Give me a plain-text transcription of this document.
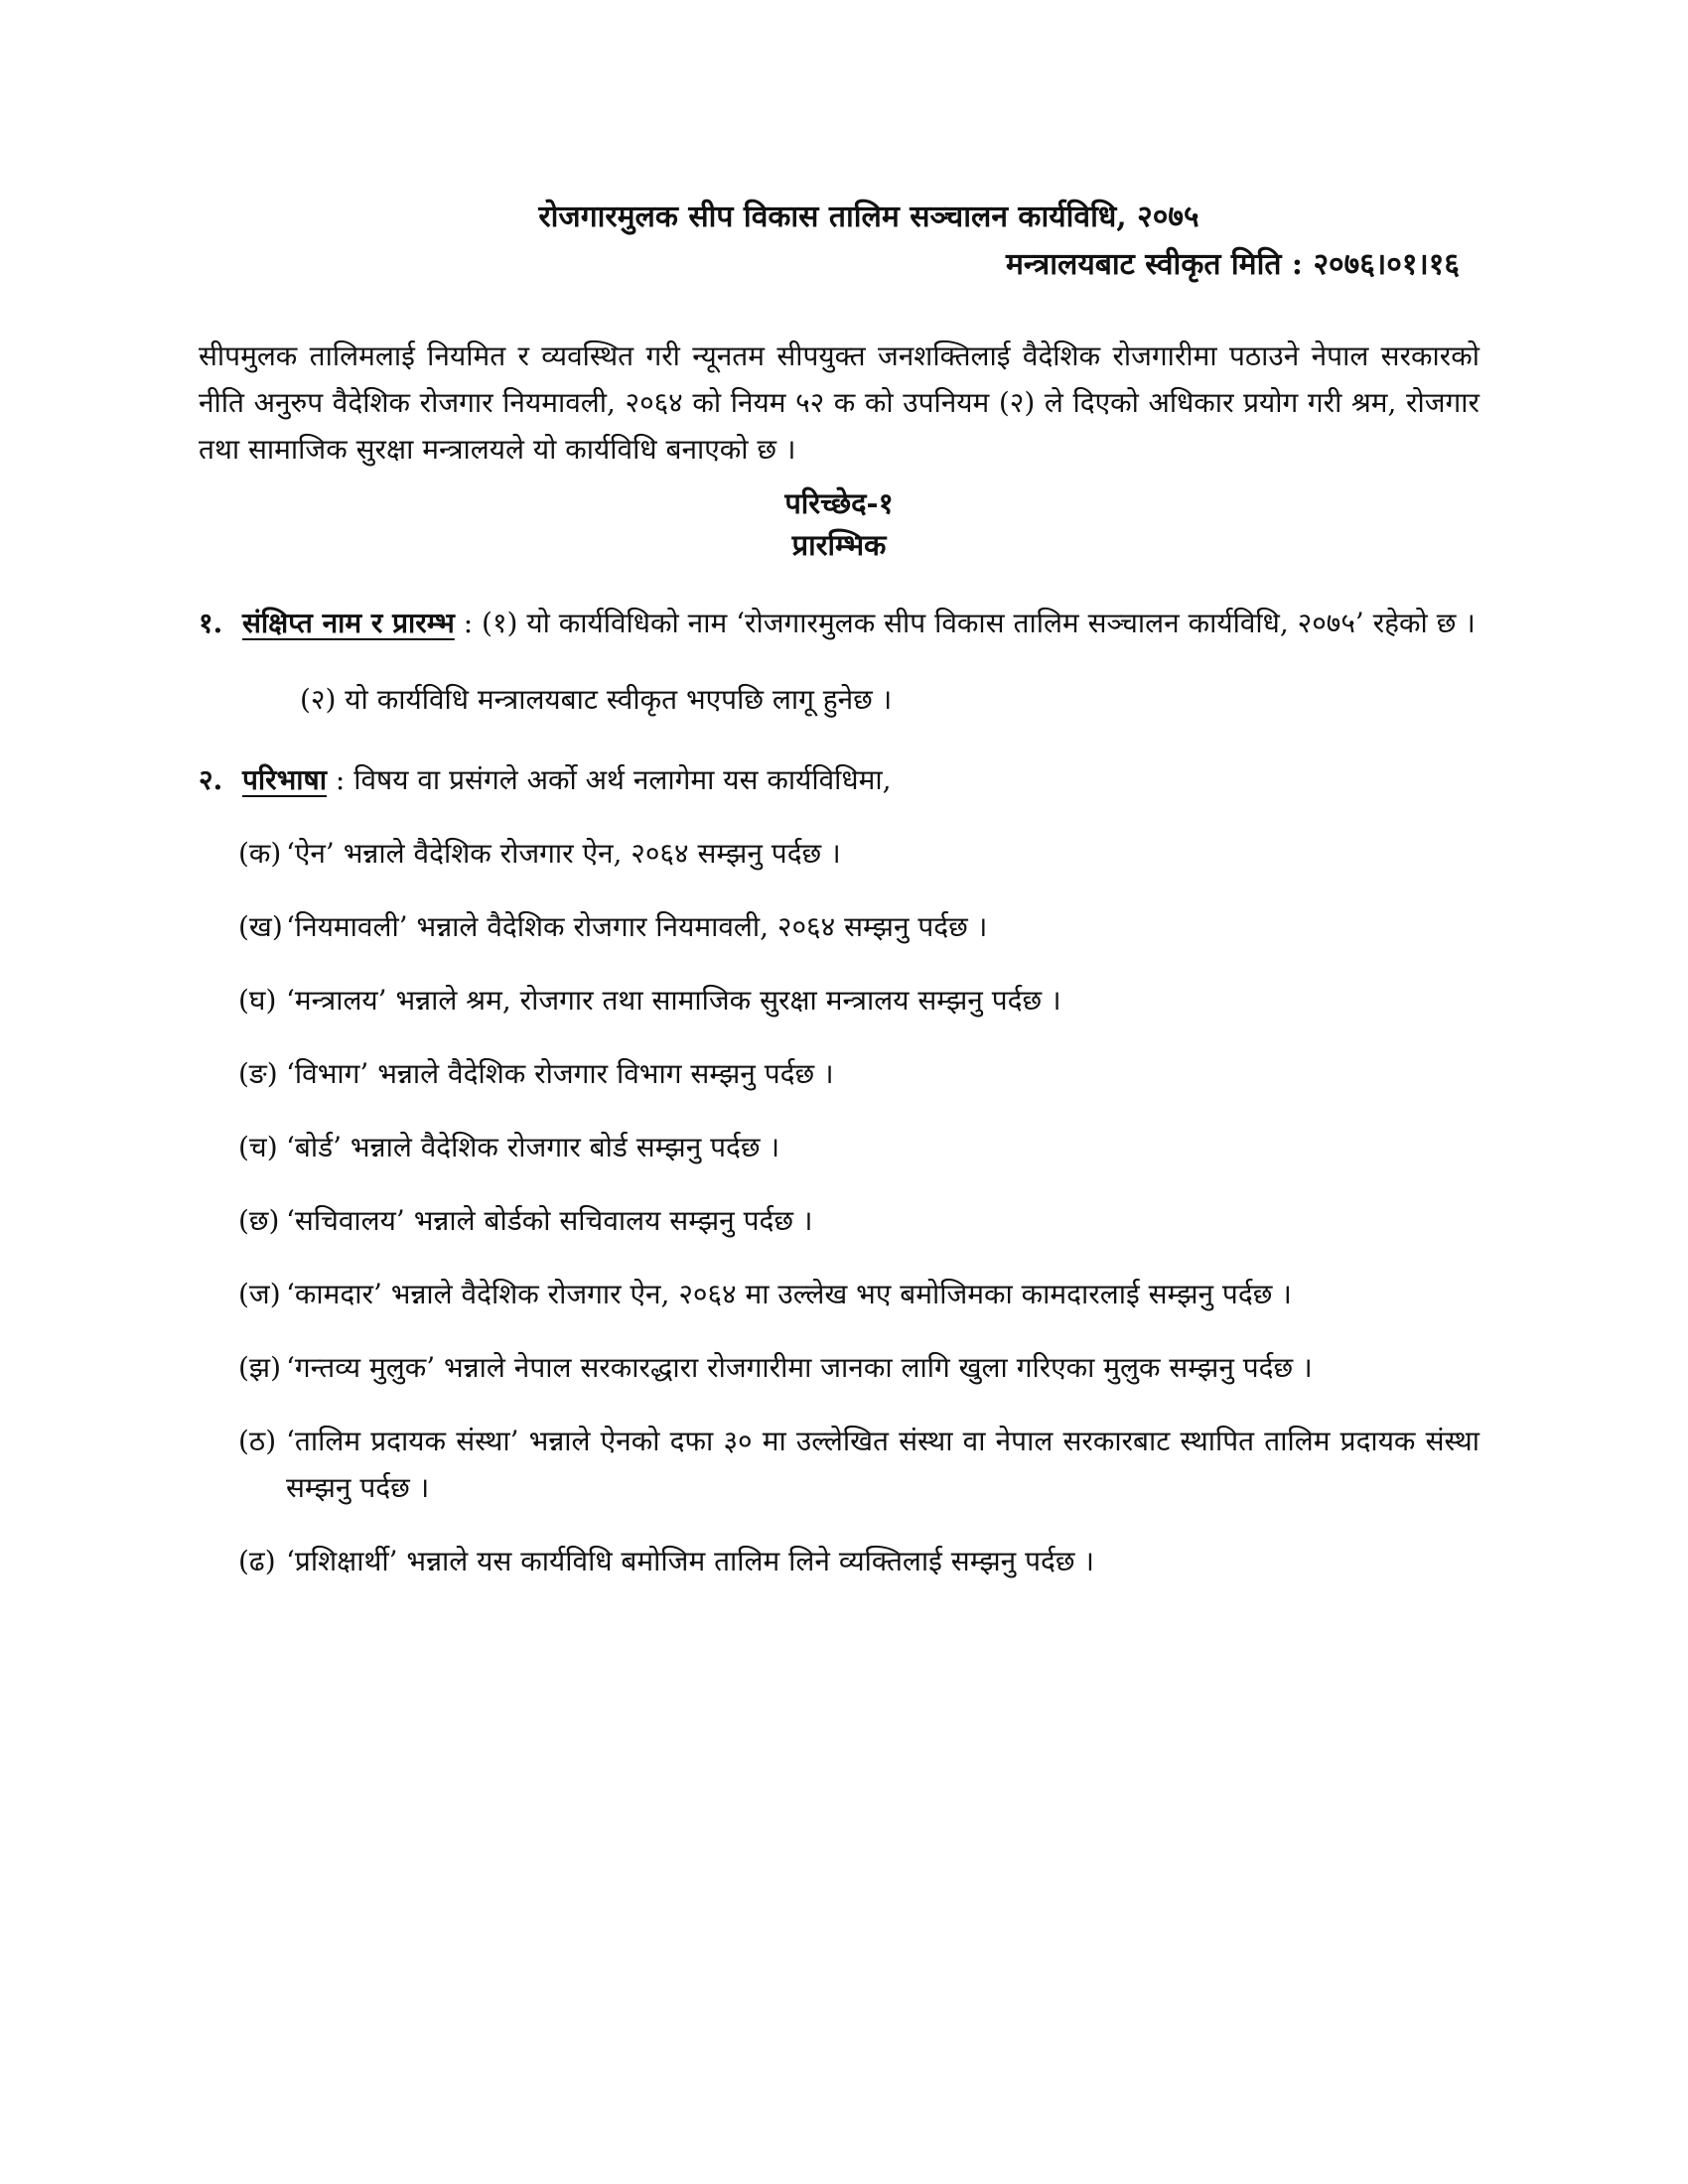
रोजगारमुलक सीप विकास तालिम सञ्चालन कार्यविधि, २०७५
मन्त्रालयबाट स्वीकृत मिति : २०७६।०१।१६
सीपमुलक तालिमलाई नियमित र व्यवस्थित गरी न्यूनतम सीपयुक्त जनशक्तिलाई वैदेशिक रोजगारीमा पठाउने नेपाल सरकारको नीति अनुरुप वैदेशिक रोजगार नियमावली, २०६४ को नियम ५२ क को उपनियम (२) ले दिएको अधिकार प्रयोग गरी श्रम, रोजगार तथा सामाजिक सुरक्षा मन्त्रालयले यो कार्यविधि बनाएको छ ।
परिच्छेद-१
प्रारम्भिक
१. संक्षिप्त नाम र प्रारम्भ : (१) यो कार्यविधिको नाम ‘रोजगारमुलक सीप विकास तालिम सञ्चालन कार्यविधि, २०७५’ रहेको छ ।
(२) यो कार्यविधि मन्त्रालयबाट स्वीकृत भएपछि लागू हुनेछ ।
२. परिभाषा : विषय वा प्रसंगले अर्को अर्थ नलागेमा यस कार्यविधिमा,
(क) ‘ऐन’ भन्नाले वैदेशिक रोजगार ऐन, २०६४ सम्झनु पर्दछ ।
(ख) ‘नियमावली’ भन्नाले वैदेशिक रोजगार नियमावली, २०६४ सम्झनु पर्दछ ।
(घ) ‘मन्त्रालय’ भन्नाले श्रम, रोजगार तथा सामाजिक सुरक्षा मन्त्रालय सम्झनु पर्दछ ।
(ङ) ‘विभाग’ भन्नाले वैदेशिक रोजगार विभाग सम्झनु पर्दछ ।
(च) ‘बोर्ड’ भन्नाले वैदेशिक रोजगार बोर्ड सम्झनु पर्दछ ।
(छ) ‘सचिवालय’ भन्नाले बोर्डको सचिवालय सम्झनु पर्दछ ।
(ज) ‘कामदार’ भन्नाले वैदेशिक रोजगार ऐन, २०६४ मा उल्लेख भए बमोजिमका कामदारलाई सम्झनु पर्दछ ।
(झ) ‘गन्तव्य मुलुक’ भन्नाले नेपाल सरकारद्धारा रोजगारीमा जानका लागि खुला गरिएका मुलुक सम्झनु पर्दछ ।
(ठ) ‘तालिम प्रदायक संस्था’ भन्नाले ऐनको दफा ३० मा उल्लेखित संस्था वा नेपाल सरकारबाट स्थापित तालिम प्रदायक संस्था सम्झनु पर्दछ ।
(ढ) ‘प्रशिक्षार्थी’ भन्नाले यस कार्यविधि बमोजिम तालिम लिने व्यक्तिलाई सम्झनु पर्दछ ।
